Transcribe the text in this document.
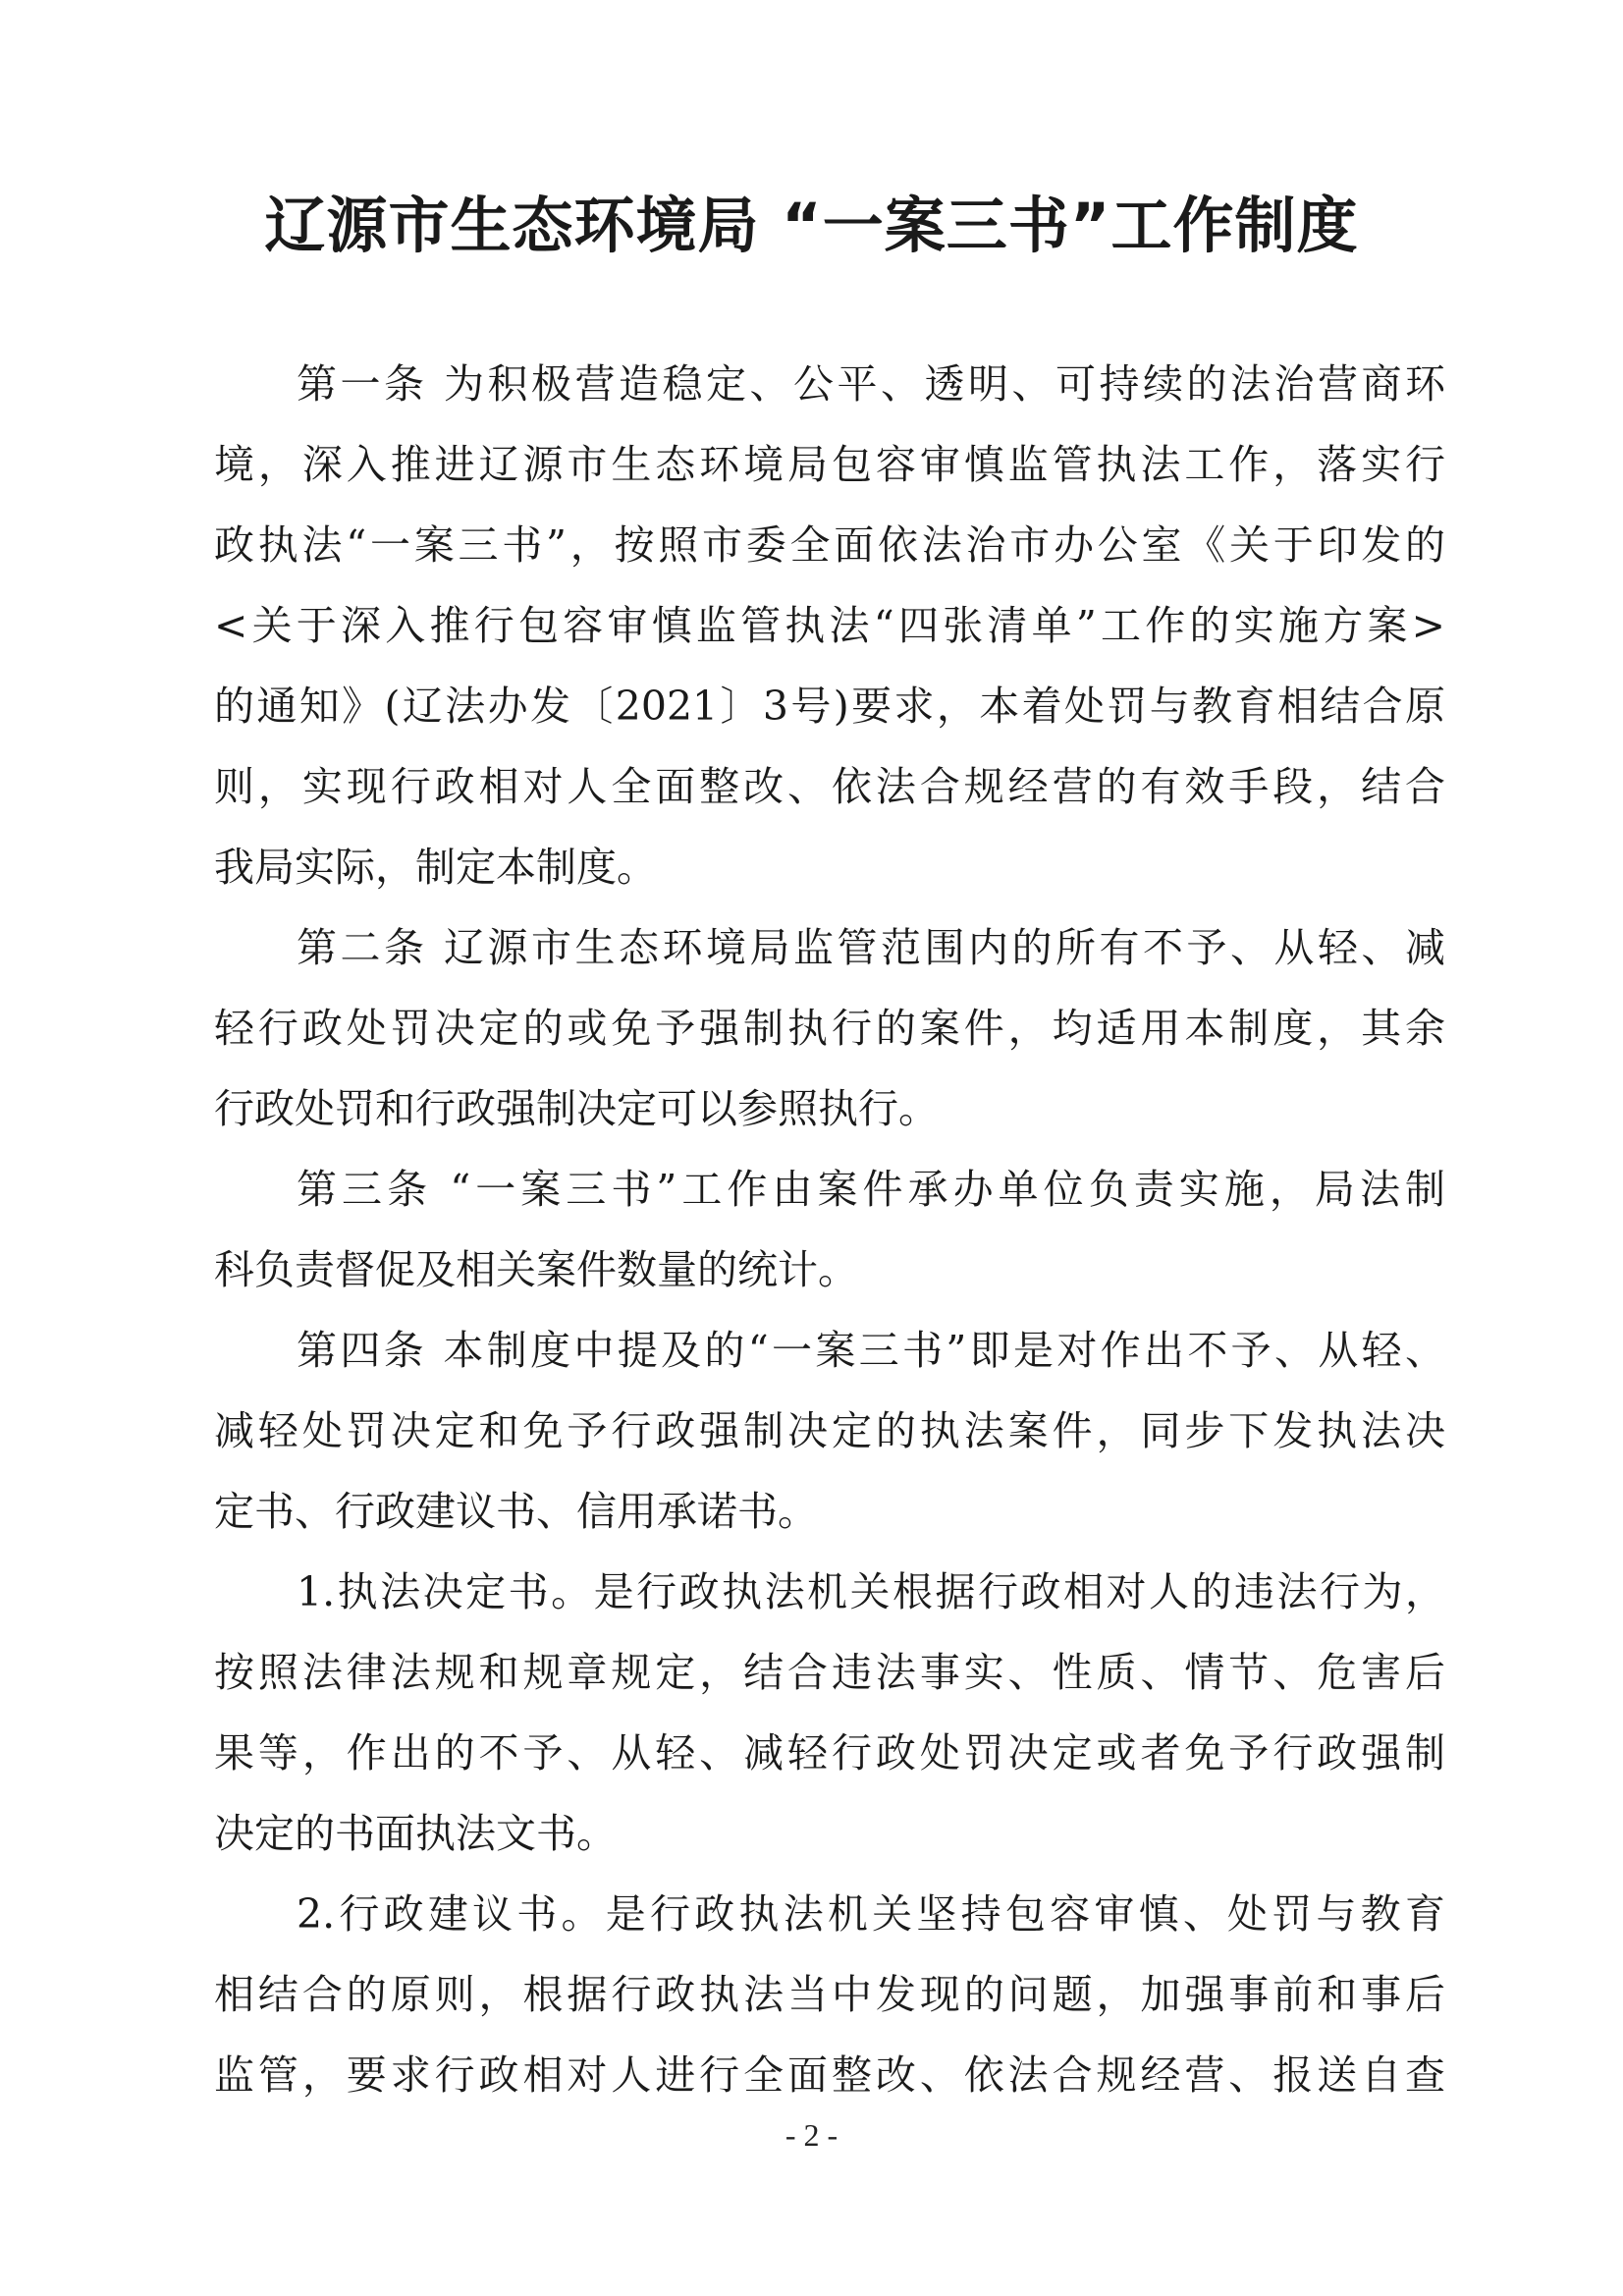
辽源市生态环境局 “一案三书”工作制度
第一条 为积极营造稳定、公平、透明、可持续的法治营商环
境，深入推进辽源市生态环境局包容审慎监管执法工作，落实行
政执法“一案三书”，按照市委全面依法治市办公室《关于印发的
<关于深入推行包容审慎监管执法“四张清单”工作的实施方案>
的通知》(辽法办发〔2021〕3号)要求，本着处罚与教育相结合原
则，实现行政相对人全面整改、依法合规经营的有效手段，结合
我局实际，制定本制度。
第二条 辽源市生态环境局监管范围内的所有不予、从轻、减
轻行政处罚决定的或免予强制执行的案件，均适用本制度，其余
行政处罚和行政强制决定可以参照执行。
第三条 “一案三书”工作由案件承办单位负责实施，局法制
科负责督促及相关案件数量的统计。
第四条 本制度中提及的“一案三书”即是对作出不予、从轻、
减轻处罚决定和免予行政强制决定的执法案件，同步下发执法决
定书、行政建议书、信用承诺书。
1.执法决定书。是行政执法机关根据行政相对人的违法行为，
按照法律法规和规章规定，结合违法事实、性质、情节、危害后
果等，作出的不予、从轻、减轻行政处罚决定或者免予行政强制
决定的书面执法文书。
2.行政建议书。是行政执法机关坚持包容审慎、处罚与教育
相结合的原则，根据行政执法当中发现的问题，加强事前和事后
监管，要求行政相对人进行全面整改、依法合规经营、报送自查
- 2 -
